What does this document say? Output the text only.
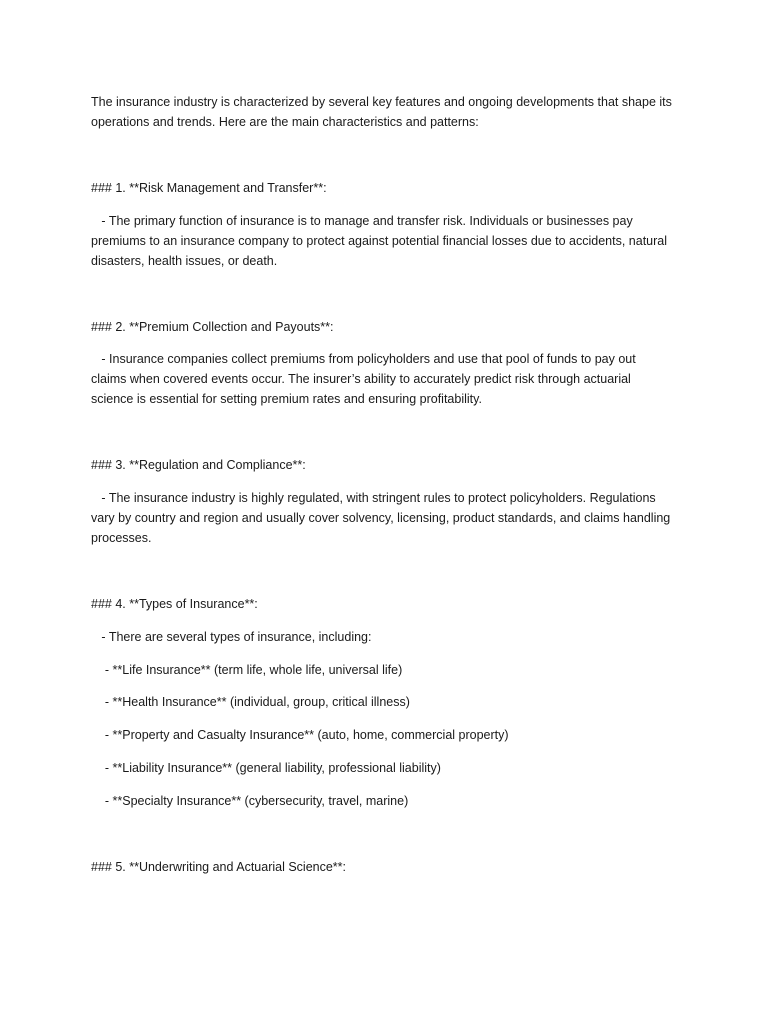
The insurance industry is characterized by several key features and ongoing developments that shape its
operations and trends. Here are the main characteristics and patterns:
### 1. **Risk Management and Transfer**:
- The primary function of insurance is to manage and transfer risk. Individuals or businesses pay
premiums to an insurance company to protect against potential financial losses due to accidents, natural
disasters, health issues, or death.
### 2. **Premium Collection and Payouts**:
- Insurance companies collect premiums from policyholders and use that pool of funds to pay out
claims when covered events occur. The insurer’s ability to accurately predict risk through actuarial
science is essential for setting premium rates and ensuring profitability.
### 3. **Regulation and Compliance**:
- The insurance industry is highly regulated, with stringent rules to protect policyholders. Regulations
vary by country and region and usually cover solvency, licensing, product standards, and claims handling
processes.
### 4. **Types of Insurance**:
- There are several types of insurance, including:
- **Life Insurance** (term life, whole life, universal life)
- **Health Insurance** (individual, group, critical illness)
- **Property and Casualty Insurance** (auto, home, commercial property)
- **Liability Insurance** (general liability, professional liability)
- **Specialty Insurance** (cybersecurity, travel, marine)
### 5. **Underwriting and Actuarial Science**:
